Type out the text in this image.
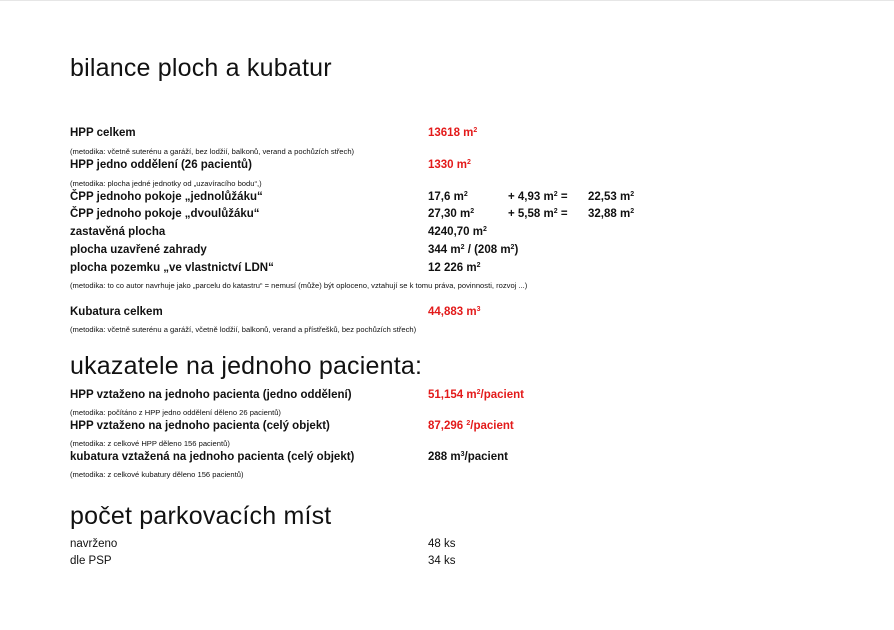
bilance ploch a kubatur
HPP celkem	13618 $m^2$
(metodika: včetně suterénu a garáží, bez lodžií, balkonů, verand a pochůzích střech)
HPP jedno oddělení (26 pacientů)	1330 $m^2$
(metodika: plocha jedné jednotky od „uzavíracího bodu“,)
ČPP jednoho pokoje „jednolůžáku“	17,6 $m^2$	+ 4,93 $m^2 = 22,53$ $m^2$
ČPP jednoho pokoje „dvoulůžáku“	27,30 $m^2$	+ 5,58 $m^2 = 32,88$ $m^2$
zastavěná plocha	4240,70 $m^2$
plocha uzavřené zahrady	344 $m^2 / (208$ $m^2$)
plocha pozemku „ve vlastnictví LDN“	12 226 $m^2$
(metodika: to co autor navrhuje jako „parcelu do katastru“ = nemusí (může) být oploceno, vztahují se k tomu práva, povinnosti, rozvoj ...)
Kubatura celkem	44,883 $m^3$
(metodika: včetně suterénu a garáží, včetně lodžií, balkonů, verand a přístřešků, bez pochůzích střech)
ukazatele na jednoho pacienta:
HPP vztaženo na jednoho pacienta (jedno oddělení)	51,154 $m^2$/pacient
(metodika: počítáno z HPP jedno oddělení děleno 26 pacientů)
HPP vztaženo na jednoho pacienta (celý objekt)	87,296 $^2$/pacient
(metodika: z celkové HPP děleno 156 pacientů)
kubatura vztažená na jednoho pacienta (celý objekt)	288 $m^3$/pacient
(metodika: z celkové kubatury děleno 156 pacientů)
počet parkovacích míst
navrženo	48 ks
dle PSP	34 ks
